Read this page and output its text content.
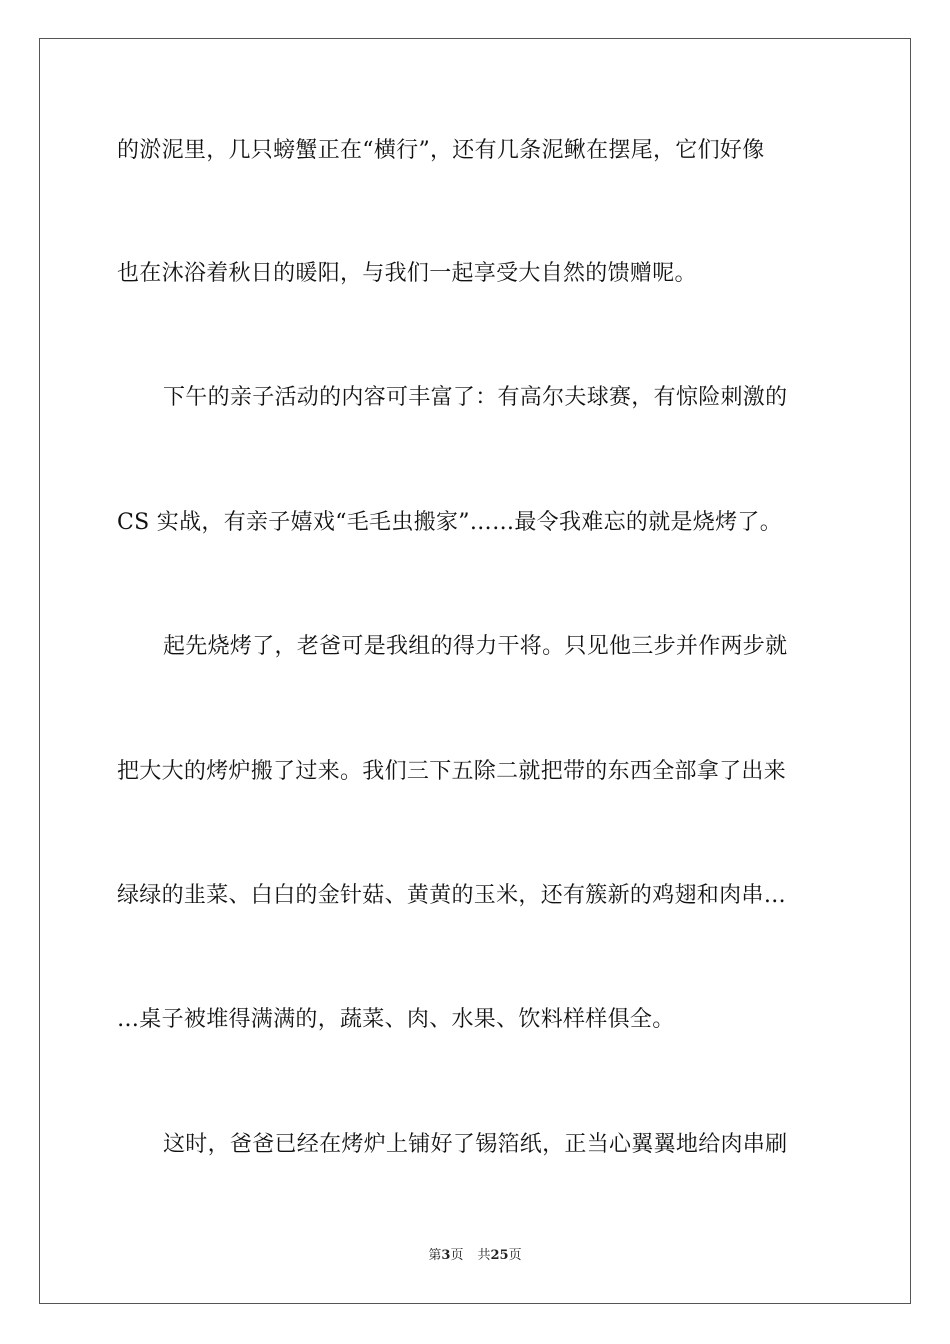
的淤泥里，几只螃蟹正在“横行”，还有几条泥鳅在摆尾，它们好像
也在沐浴着秋日的暖阳，与我们一起享受大自然的馈赠呢。
下午的亲子活动的内容可丰富了：有高尔夫球赛，有惊险刺激的
CS 实战，有亲子嬉戏“毛毛虫搬家”……最令我难忘的就是烧烤了。
起先烧烤了，老爸可是我组的得力干将。只见他三步并作两步就
把大大的烤炉搬了过来。我们三下五除二就把带的东西全部拿了出来
绿绿的韭菜、白白的金针菇、黄黄的玉米，还有簇新的鸡翅和肉串…
…桌子被堆得满满的，蔬菜、肉、水果、饮料样样俱全。
这时，爸爸已经在烤炉上铺好了锡箔纸，正当心翼翼地给肉串刷
第3页 共25页
